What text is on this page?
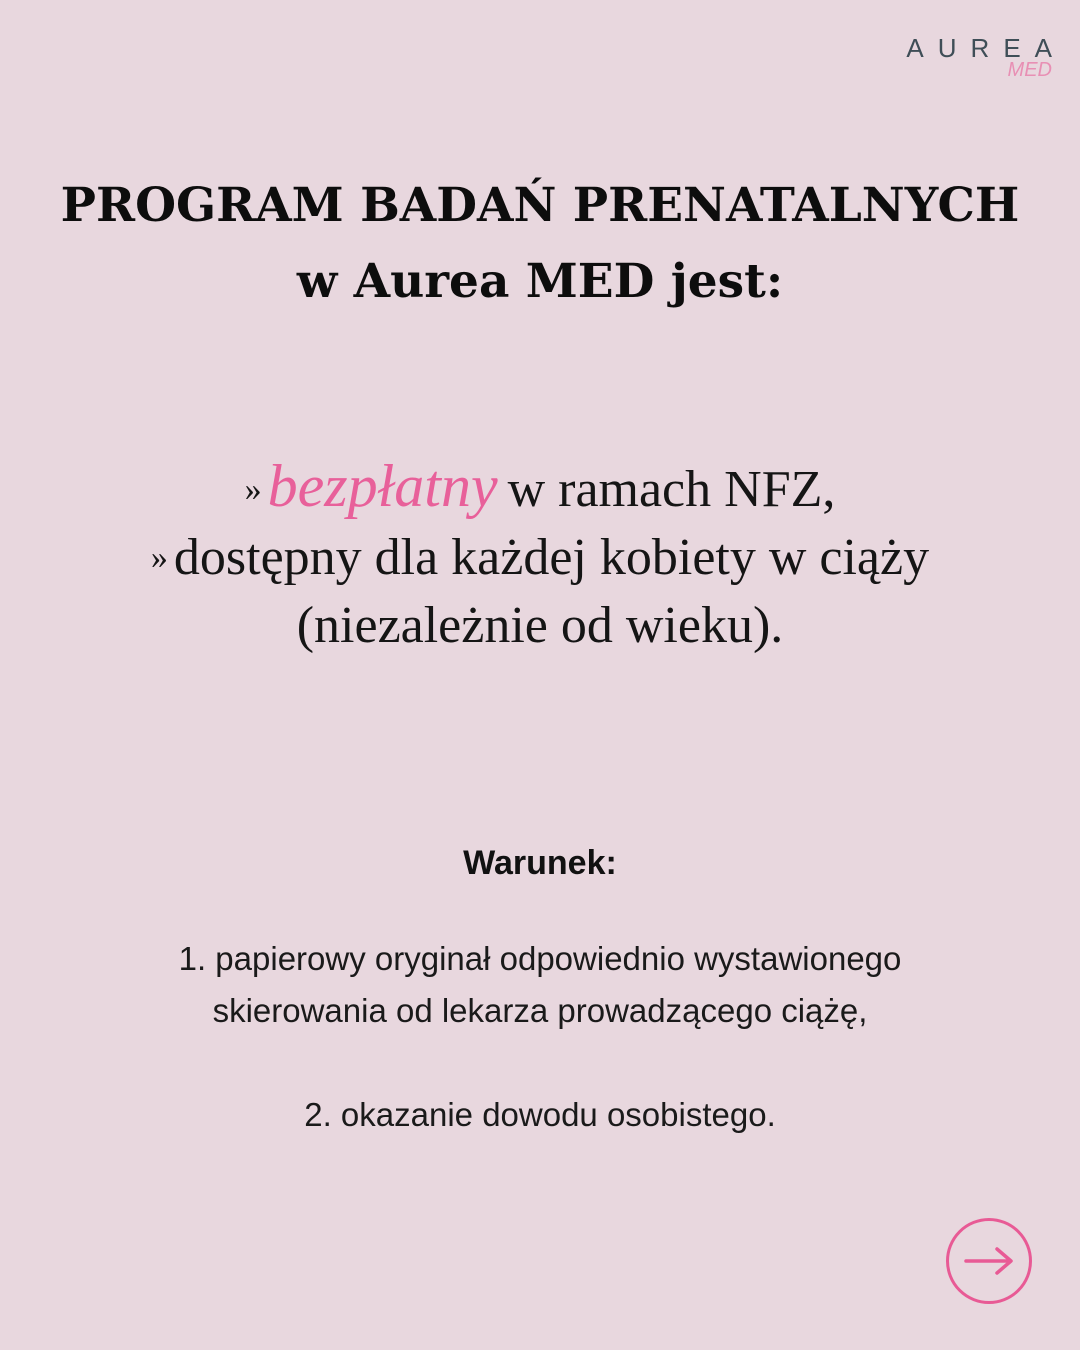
AUREA
MED
PROGRAM BADAŃ PRENATALNYCH
w Aurea MED jest:
» bezpłatny w ramach NFZ,
» dostępny dla każdej kobiety w ciąży
(niezależnie od wieku).
Warunek:
1. papierowy oryginał odpowiednio wystawionego
skierowania od lekarza prowadzącego ciążę,
2. okazanie dowodu osobistego.
